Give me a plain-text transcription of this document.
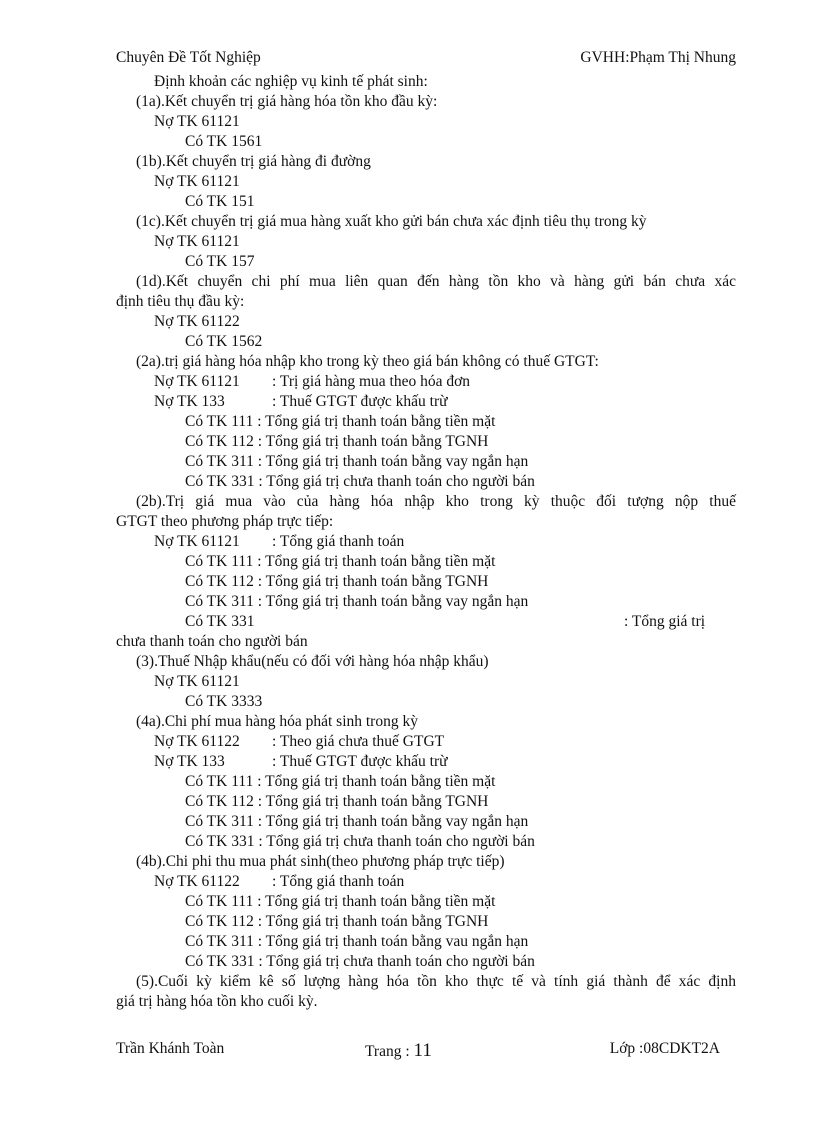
Chuyên Đề Tốt Nghiệp	GVHH:Phạm Thị Nhung
Định khoản các nghiệp vụ kinh tế phát sinh:
(1a).Kết chuyển trị giá hàng hóa tồn kho đầu kỳ:
Nợ TK 61121
Có TK 1561
(1b).Kết chuyển trị giá hàng đi đường
Nợ TK 61121
Có TK 151
(1c).Kết chuyển trị giá mua hàng xuất kho gửi bán chưa xác định tiêu thụ trong kỳ
Nợ TK 61121
Có TK 157
(1d).Kết chuyển chi phí mua liên quan đến hàng tồn kho và hàng gửi bán chưa xác
định tiêu thụ đầu kỳ:
Nợ TK 61122
Có TK 1562
(2a).trị giá hàng hóa nhập kho trong kỳ theo giá bán không có thuế GTGT:
Nợ TK 61121 : Trị giá hàng mua theo hóa đơn
Nợ TK 133	: Thuế GTGT được khấu trừ
Có TK 111 : Tổng giá trị thanh toán bằng tiền mặt
Có TK 112 : Tổng giá trị thanh toán bằng TGNH
Có TK 311 : Tổng giá trị thanh toán bằng vay ngắn hạn
Có TK 331 : Tổng giá trị chưa thanh toán cho người bán
(2b).Trị giá mua vào của hàng hóa nhập kho trong kỳ thuộc đối tượng nộp thuế
GTGT theo phương pháp trực tiếp:
Nợ TK 61121 : Tổng giá thanh toán
Có TK 111 : Tổng giá trị thanh toán bằng tiền mặt
Có TK 112 : Tổng giá trị thanh toán bằng TGNH
Có TK 311 : Tổng giá trị thanh toán bằng vay ngắn hạn
Có TK 331	: Tổng giá trị
chưa thanh toán cho người bán
(3).Thuế Nhập khẩu(nếu có đối với hàng hóa nhập khẩu)
Nợ TK 61121
Có TK 3333
(4a).Chi phí mua hàng hóa phát sinh trong kỳ
Nợ TK 61122 : Theo giá chưa thuế GTGT
Nợ TK 133	: Thuế GTGT được khấu trừ
Có TK 111 : Tổng giá trị thanh toán bằng tiền mặt
Có TK 112 : Tổng giá trị thanh toán bằng TGNH
Có TK 311 : Tổng giá trị thanh toán bằng vay ngắn hạn
Có TK 331 : Tổng giá trị chưa thanh toán cho người bán
(4b).Chi phi thu mua phát sinh(theo phương pháp trực tiếp)
Nợ TK 61122 : Tổng giá thanh toán
Có TK 111 : Tổng giá trị thanh toán bằng tiền mặt
Có TK 112 : Tổng giá trị thanh toán bằng TGNH
Có TK 311 : Tổng giá trị thanh toán bằng vau ngắn hạn
Có TK 331 : Tổng giá trị chưa thanh toán cho người bán
(5).Cuối kỳ kiểm kê số lượng hàng hóa tồn kho thực tế và tính giá thành để xác định
giá trị hàng hóa tồn kho cuối kỳ.
Trần Khánh Toàn	Trang : 11	Lớp :08CDKT2A
